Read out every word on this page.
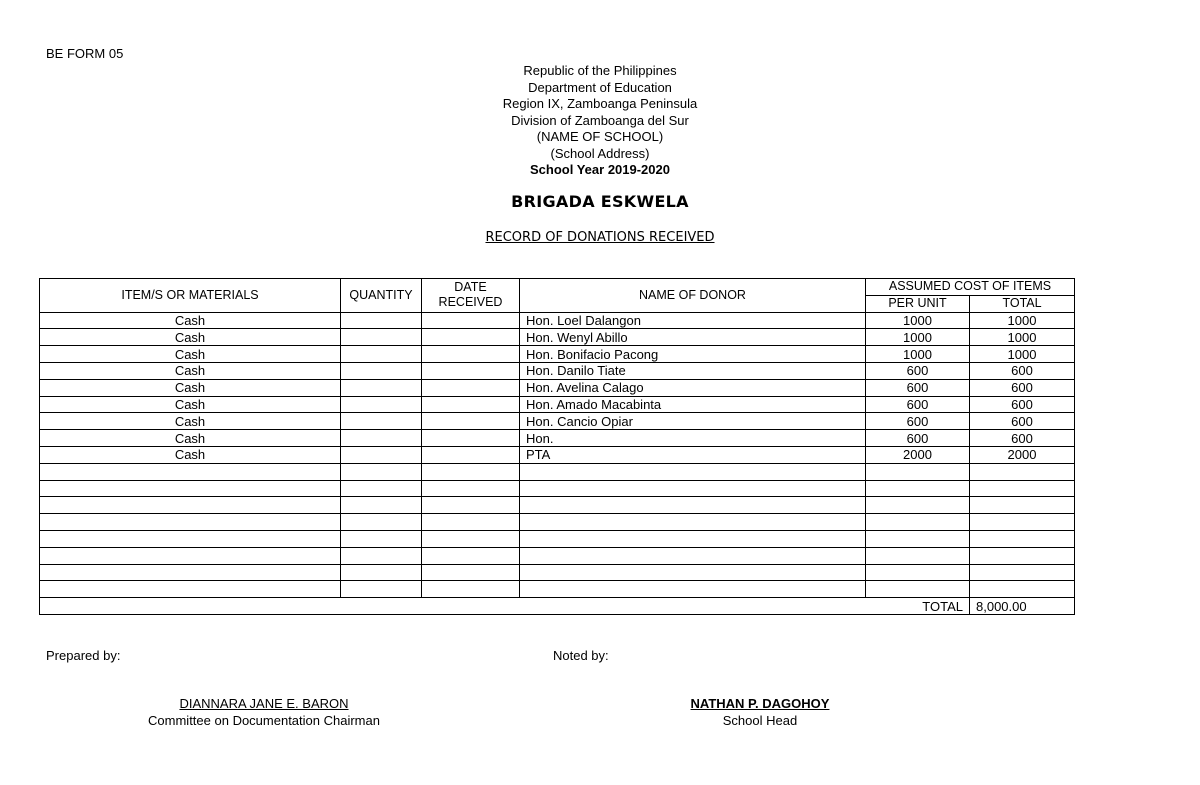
BE FORM 05
Republic of the Philippines
Department of Education
Region IX, Zamboanga Peninsula
Division of Zamboanga del Sur
(NAME OF SCHOOL)
(School Address)
School Year 2019-2020
BRIGADA ESKWELA
RECORD OF DONATIONS RECEIVED
ITEM/S OR MATERIALS	QUANTITY	DATE RECEIVED	NAME OF DONOR	ASSUMED COST OF ITEMS	
				PER UNIT	TOTAL
Cash			Hon. Loel Dalangon	1000	1000
Cash			Hon. Wenyl Abillo	1000	1000
Cash			Hon. Bonifacio Pacong	1000	1000
Cash			Hon. Danilo Tiate	600	600
Cash			Hon. Avelina Calago	600	600
Cash			Hon. Amado Macabinta	600	600
Cash			Hon. Cancio Opiar	600	600
Cash			Hon.	600	600
Cash			PTA	2000	2000

TOTAL					8,000.00
Prepared by:	Noted by:
DIANNARA JANE E. BARON
Committee on Documentation Chairman
NATHAN P. DAGOHOY
School Head
